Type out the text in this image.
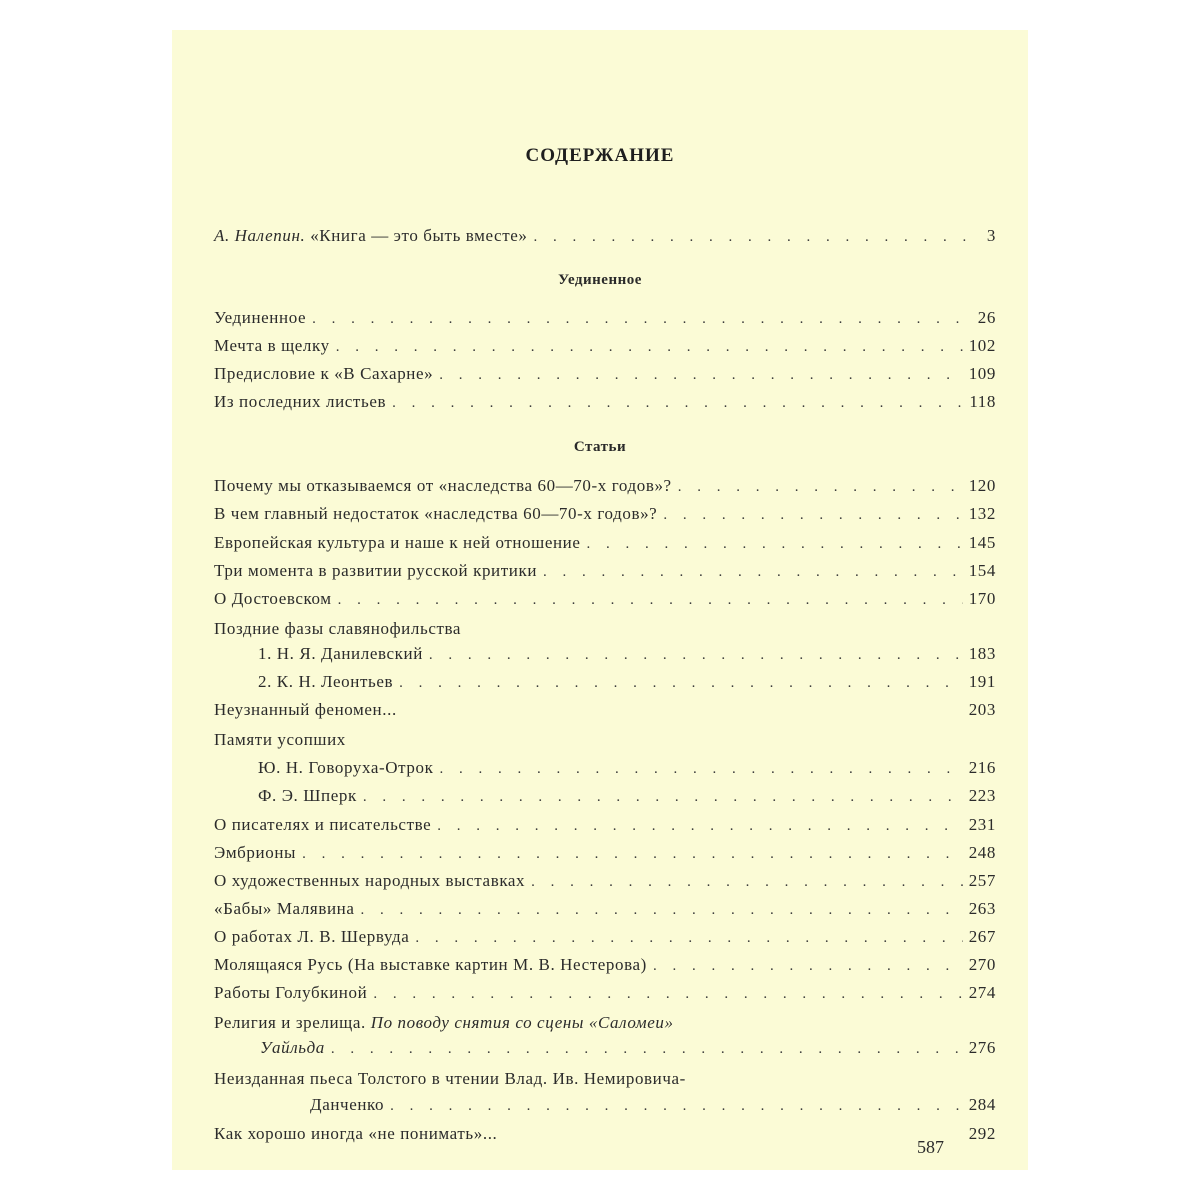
СОДЕРЖАНИЕ
А. Налепин. «Книга — это быть вместе» . . .	3
Уединенное
Уединенное . . .	26
Мечта в щелку . . .	102
Предисловие к «В Сахарне» . . .	109
Из последних листьев . . .	118
Статьи
Почему мы отказываемся от «наследства 60—70-х годов»? . . .	120
В чем главный недостаток «наследства 60—70-х годов»? . . .	132
Европейская культура и наше к ней отношение . . .	145
Три момента в развитии русской критики . . .	154
О Достоевском . . .	170
Поздние фазы славянофильства
1. Н. Я. Данилевский . . .	183
2. К. Н. Леонтьев . . .	191
Неузнанный феномен...	203
Памяти усопших
Ю. Н. Говоруха-Отрок . . .	216
Ф. Э. Шперк . . .	223
О писателях и писательстве . . .	231
Эмбрионы . . .	248
О художественных народных выставках . . .	257
«Бабы» Малявина . . .	263
О работах Л. В. Шервуда . . .	267
Молящаяся Русь (На выставке картин М. В. Нестерова) . . .	270
Работы Голубкиной . . .	274
Религия и зрелища. По поводу снятия со сцены «Саломеи»
Уайльда . . .	276
Неизданная пьеса Толстого в чтении Влад. Ив. Немировича-
Данченко . . .	284
Как хорошо иногда «не понимать»...	292
587
